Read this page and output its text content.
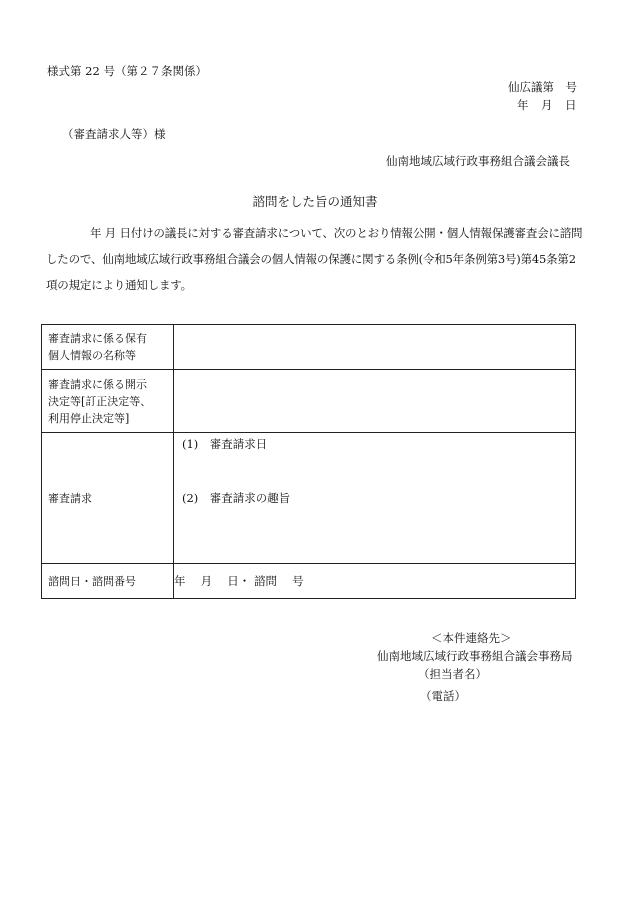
様式第 22 号（第２７条関係）
仙広議第　号
年　月　日
（審査請求人等）様
仙南地域広域行政事務組合議会議長
諮問をした旨の通知書
年 月 日付けの議長に対する審査請求について、次のとおり情報公開・個人情報保護審査会に諮問したので、仙南地域広域行政事務組合議会の個人情報の保護に関する条例(令和5年条例第3号)第45条第2項の規定により通知します。
審査請求に係る保有
個人情報の名称等	

審査請求に係る開示
決定等[訂正決定等、
利用停止決定等]	

審査請求	(1)　審査請求日
(2)　審査請求の趣旨

諮問日・諮問番号	年　 月　 日・ 諮問　 号
＜本件連絡先＞
仙南地域広域行政事務組合議会事務局
（担当者名）
（電話）
